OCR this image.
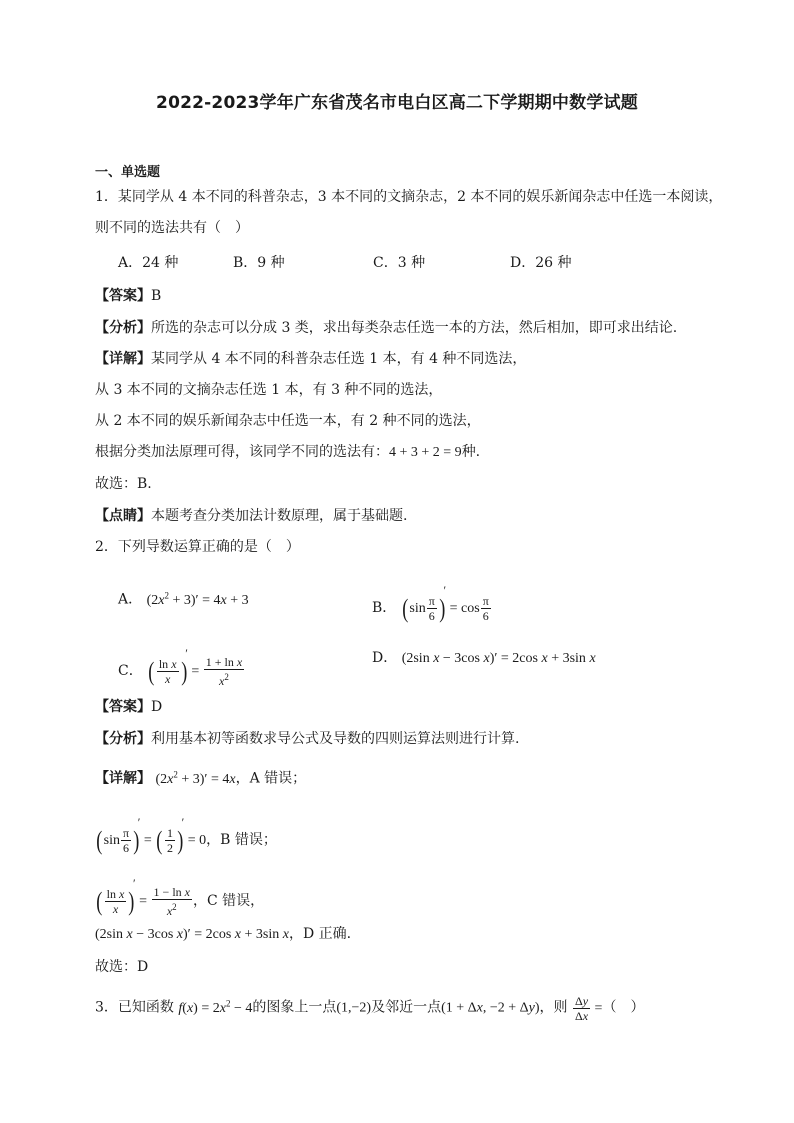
2022-2023学年广东省茂名市电白区高二下学期期中数学试题
一、单选题
1．某同学从 4 本不同的科普杂志，3 本不同的文摘杂志，2 本不同的娱乐新闻杂志中任选一本阅读，
则不同的选法共有（　）
A．24 种	B．9 种	C．3 种	D．26 种
【答案】B
【分析】所选的杂志可以分成 3 类，求出每类杂志任选一本的方法，然后相加，即可求出结论.
【详解】某同学从 4 本不同的科普杂志任选 1 本，有 4 种不同选法，
从 3 本不同的文摘杂志任选 1 本，有 3 种不同的选法，
从 2 本不同的娱乐新闻杂志中任选一本，有 2 种不同的选法，
根据分类加法原理可得，该同学不同的选法有：4 + 3 + 2 = 9种.
故选：B.
【点睛】本题考查分类加法计数原理，属于基础题.
2．下列导数运算正确的是（　）
A． $(2x^2 + 3)' = 4x + 3$	B． ($\sin \frac{\pi}{6}$ )′ = $\cos \frac{\pi}{6}$
C． ( $\frac{\text{ln x}}{x}$ )′ = $\frac{\text{1 + ln x}}{x^2}$	D． (2sin x − 3cos x)′ = 2cos x + 3sin x
【答案】D
【分析】利用基本初等函数求导公式及导数的四则运算法则进行计算.
【详解】 $(2x^2 + 3)' = 4x$，A 错误；
($\sin \frac{\pi}{6}$ )′ = ( $\frac{1}{2}$ )′ = 0，B 错误；
( $\frac{\text{ln x}}{x}$ )′ = $\frac{\text{1 − ln x}}{x^2}$ ，C 错误，
(2sin x − 3cos x)′ = 2cos x + 3sin x，D 正确.
故选：D
3．已知函数 $f(x) = 2x^2 - 4$的图象上一点(1,−2)及邻近一点(1 + Δx, −2 + Δy)，则 $\frac{\Delta y}{\Delta x}$ =（　）
